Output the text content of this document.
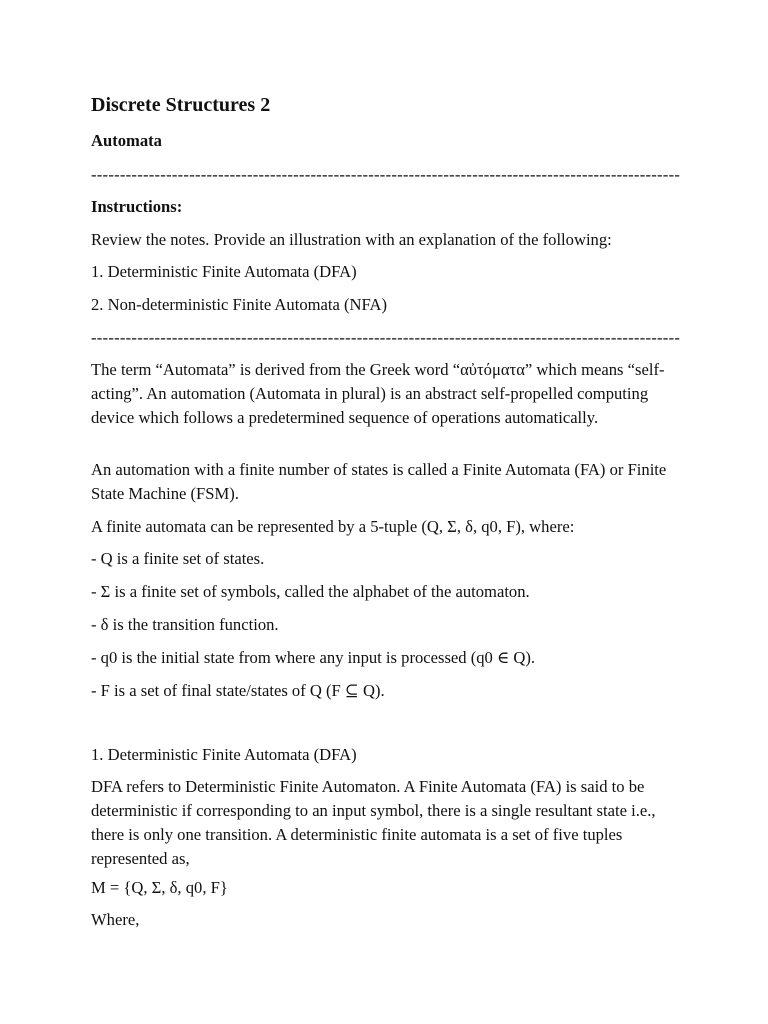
Discrete Structures 2

Automata

------------------------------------------------------------------------------------------------------

Instructions:

Review the notes. Provide an illustration with an explanation of the following:

1. Deterministic Finite Automata (DFA)

2. Non-deterministic Finite Automata (NFA)

------------------------------------------------------------------------------------------------------

The term “Automata” is derived from the Greek word “αὐτόματα” which means “self-acting”. An automation (Automata in plural) is an abstract self-propelled computing device which follows a predetermined sequence of operations automatically.

An automation with a finite number of states is called a Finite Automata (FA) or Finite State Machine (FSM).

A finite automata can be represented by a 5-tuple (Q, Σ, δ, q0, F), where:

- Q is a finite set of states.

- Σ is a finite set of symbols, called the alphabet of the automaton.

- δ is the transition function.

- q0 is the initial state from where any input is processed (q0 ∈ Q).

- F is a set of final state/states of Q (F ⊆ Q).

1. Deterministic Finite Automata (DFA)

DFA refers to Deterministic Finite Automaton. A Finite Automata (FA) is said to be deterministic if corresponding to an input symbol, there is a single resultant state i.e., there is only one transition. A deterministic finite automata is a set of five tuples represented as,

M = {Q, Σ, δ, q0, F}

Where,
